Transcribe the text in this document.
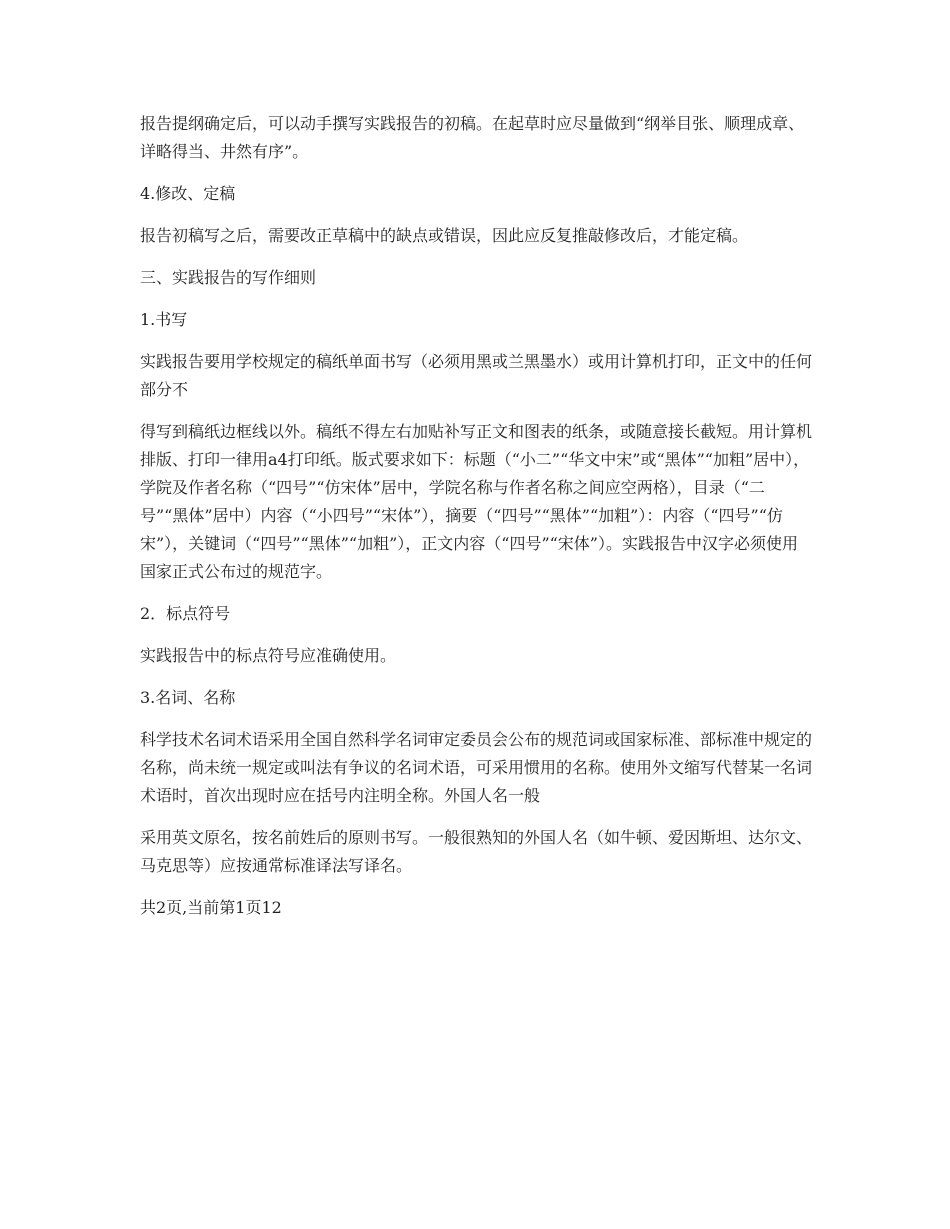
报告提纲确定后，可以动手撰写实践报告的初稿。在起草时应尽量做到“纲举目张、顺理成章、详略得当、井然有序”。

4.修改、定稿

报告初稿写之后，需要改正草稿中的缺点或错误，因此应反复推敲修改后，才能定稿。

三、实践报告的写作细则

1.书写

实践报告要用学校规定的稿纸单面书写（必须用黑或兰黑墨水）或用计算机打印，正文中的任何部分不

得写到稿纸边框线以外。稿纸不得左右加贴补写正文和图表的纸条，或随意接长截短。用计算机排版、打印一律用a4打印纸。版式要求如下：标题（“小二”“华文中宋”或“黑体”“加粗”居中），学院及作者名称（“四号”“仿宋体”居中，学院名称与作者名称之间应空两格），目录（“二号”“黑体”居中）内容（“小四号”“宋体”），摘要（“四号”“黑体”“加粗”）：内容（“四号”“仿宋”），关键词（“四号”“黑体”“加粗”），正文内容（“四号”“宋体”）。实践报告中汉字必须使用国家正式公布过的规范字。

2．标点符号

实践报告中的标点符号应准确使用。

3.名词、名称

科学技术名词术语采用全国自然科学名词审定委员会公布的规范词或国家标准、部标准中规定的名称，尚未统一规定或叫法有争议的名词术语，可采用惯用的名称。使用外文缩写代替某一名词术语时，首次出现时应在括号内注明全称。外国人名一般

采用英文原名，按名前姓后的原则书写。一般很熟知的外国人名（如牛顿、爱因斯坦、达尔文、马克思等）应按通常标准译法写译名。

共2页,当前第1页12
